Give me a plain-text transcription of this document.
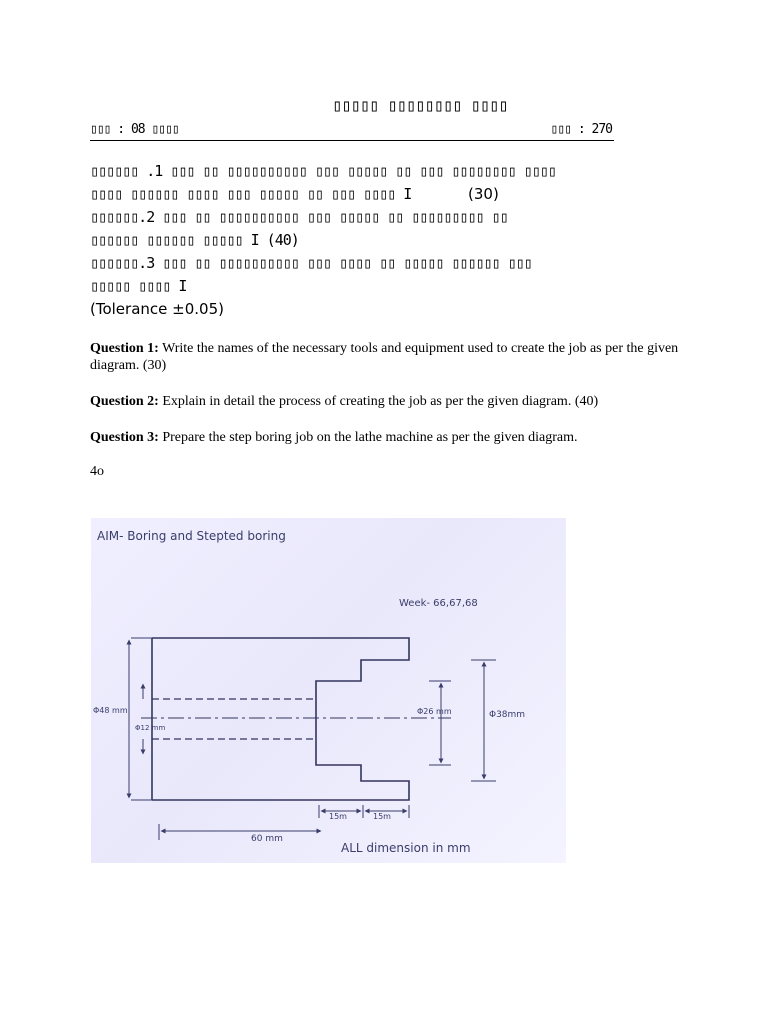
▯▯▯▯▯ ▯▯▯▯▯▯▯▯ ▯▯▯▯
▯▯▯ : 08 ▯▯▯▯	▯▯▯ : 270
▯▯▯▯▯▯ .1 ▯▯▯ ▯▯ ▯▯▯▯▯▯▯▯▯▯ ▯▯▯ ▯▯▯▯▯ ▯▯ ▯▯▯ ▯▯▯▯▯▯▯▯ ▯▯▯▯
▯▯▯▯ ▯▯▯▯▯▯ ▯▯▯▯ ▯▯▯ ▯▯▯▯▯ ▯▯ ▯▯▯ ▯▯▯▯ I	(30)
▯▯▯▯▯▯.2 ▯▯▯ ▯▯ ▯▯▯▯▯▯▯▯▯▯ ▯▯▯ ▯▯▯▯▯ ▯▯ ▯▯▯▯▯▯▯▯▯ ▯▯
▯▯▯▯▯▯ ▯▯▯▯▯▯ ▯▯▯▯▯ I (40)
▯▯▯▯▯▯.3 ▯▯▯ ▯▯ ▯▯▯▯▯▯▯▯▯▯ ▯▯▯ ▯▯▯▯ ▯▯ ▯▯▯▯▯ ▯▯▯▯▯▯ ▯▯▯
▯▯▯▯▯ ▯▯▯▯ I
(Tolerance ±0.05)
Question 1: Write the names of the necessary tools and equipment used to create the job as per the given diagram. (30)
Question 2: Explain in detail the process of creating the job as per the given diagram. (40)
Question 3: Prepare the step boring job on the lathe machine as per the given diagram.
4o
AIM- Boring and Stepted boring
Week- 66,67,68
Φ48 mm
Φ12 mm
Φ26 mm	Φ38mm
15m	15m
60 mm
ALL dimension in mm
